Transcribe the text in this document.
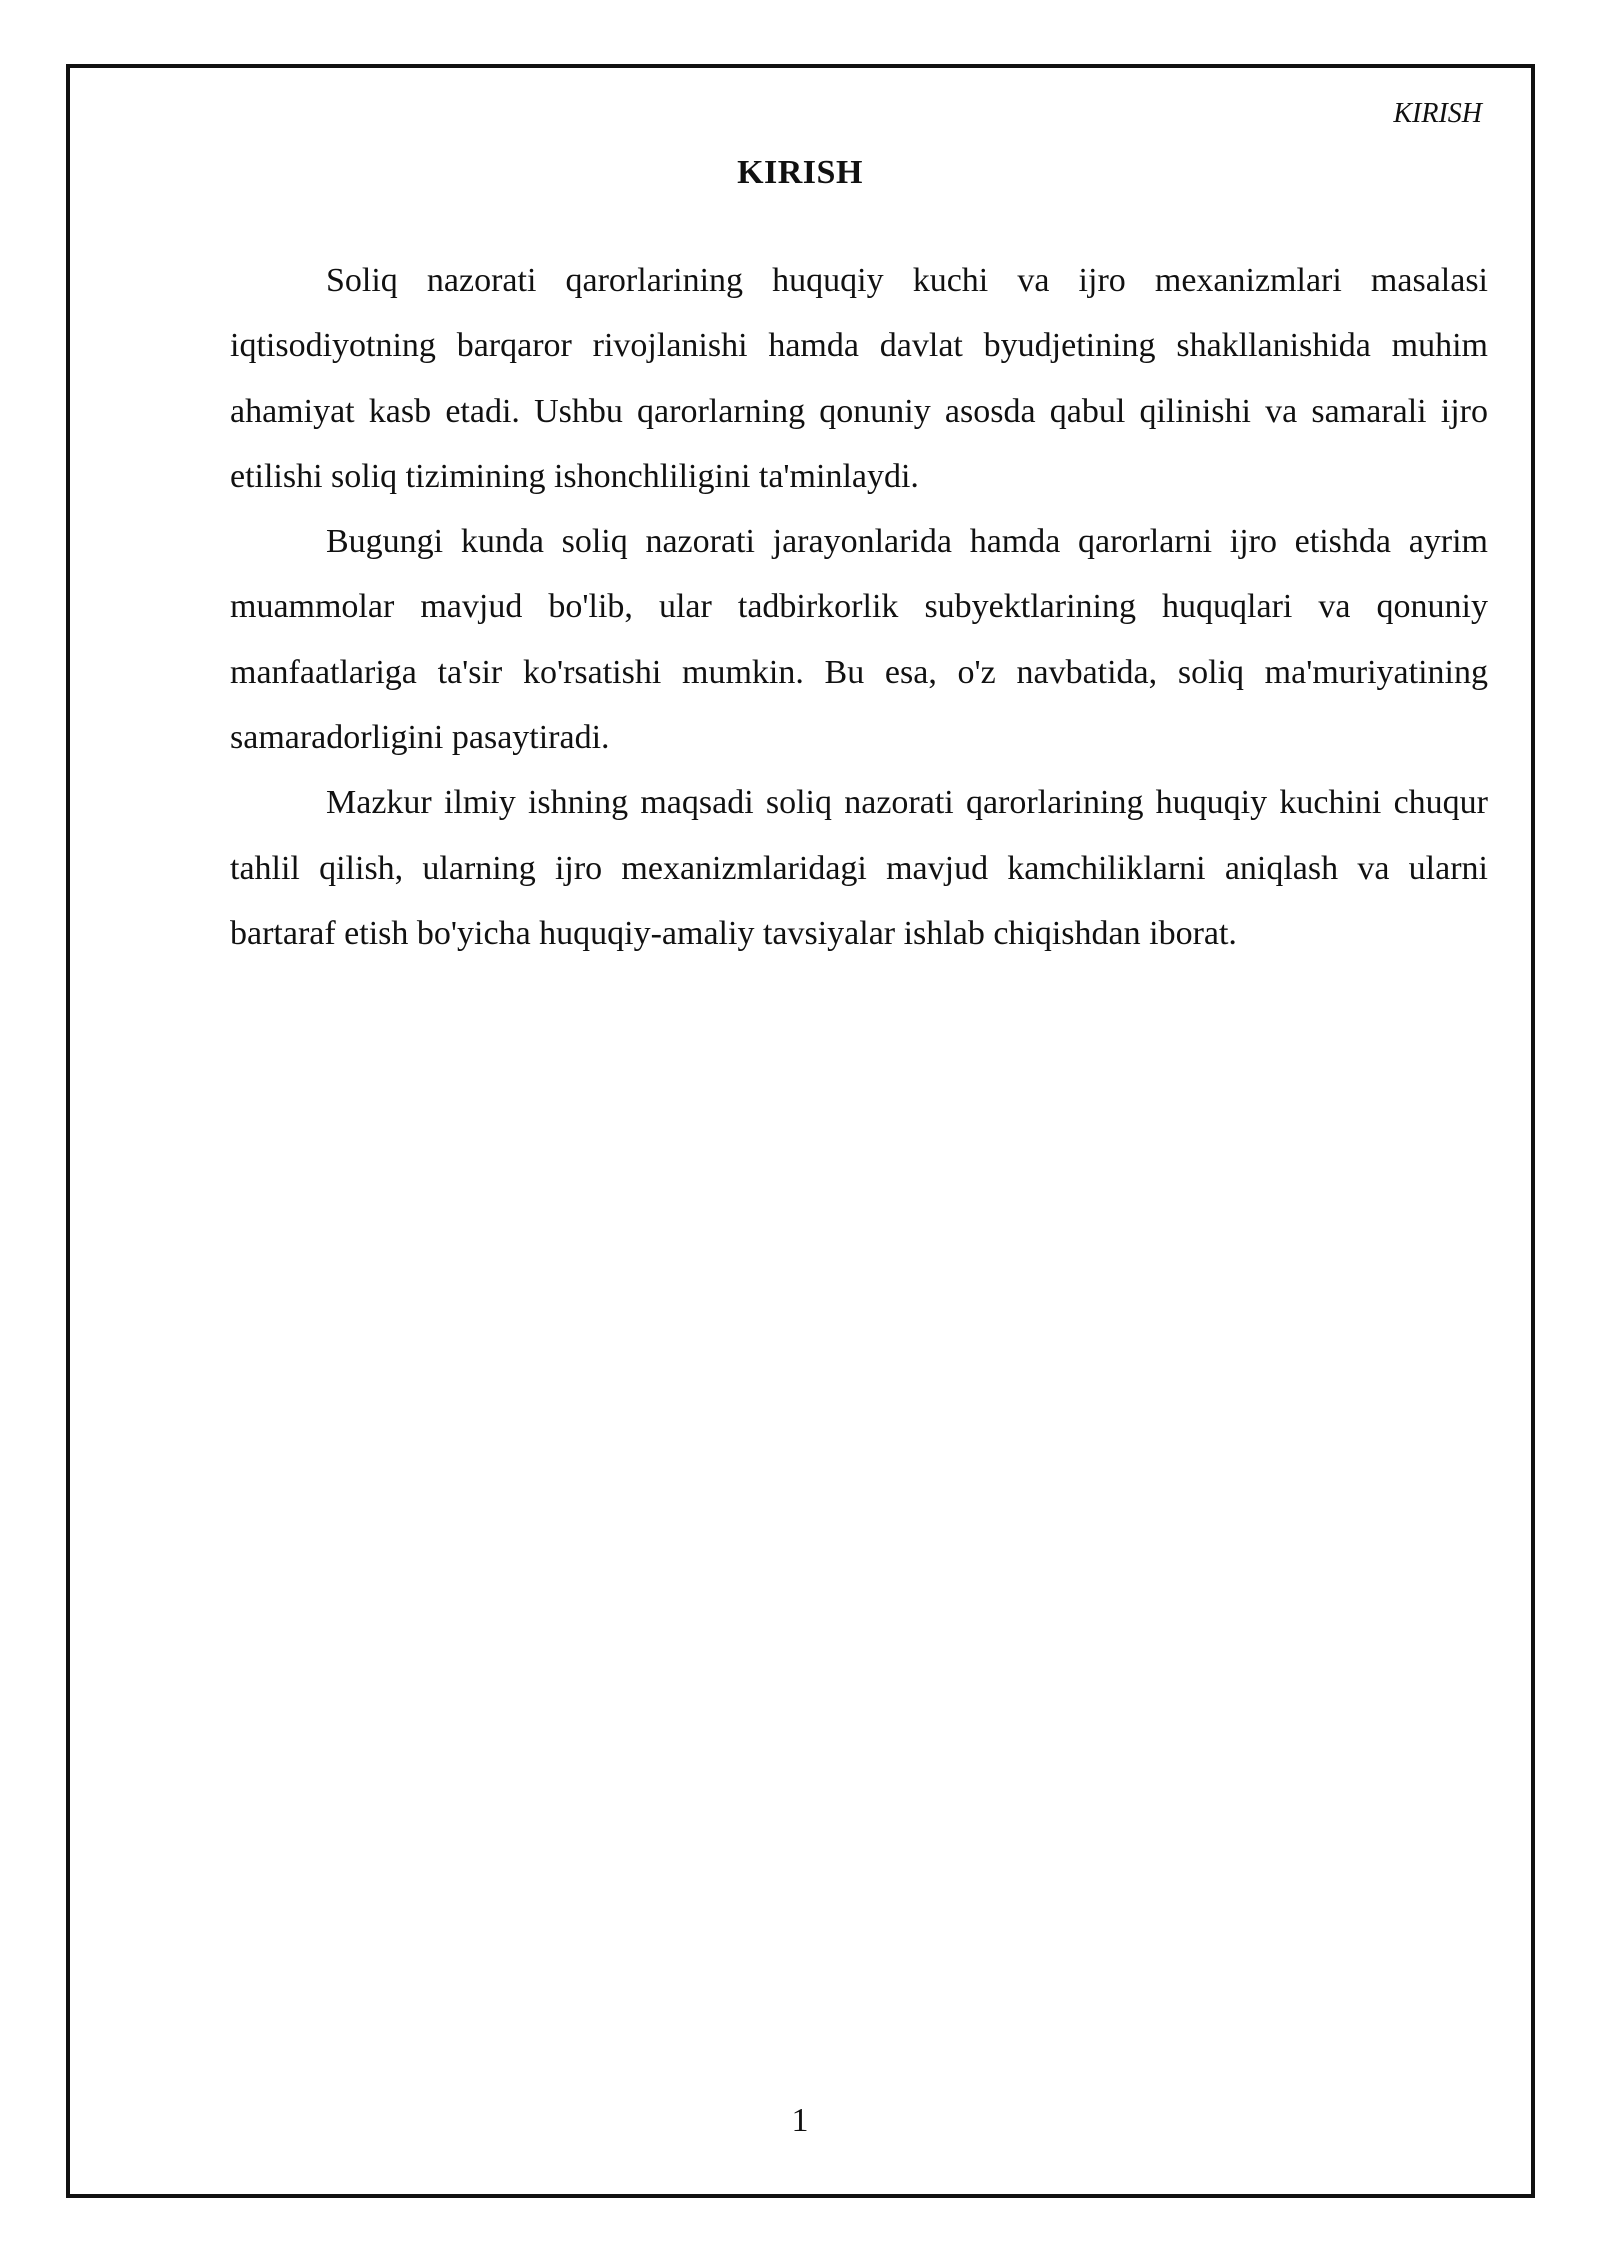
KIRISH
KIRISH

Soliq nazorati qarorlarining huquqiy kuchi va ijro mexanizmlari masalasi iqtisodiyotning barqaror rivojlanishi hamda davlat byudjetining shakllanishida muhim ahamiyat kasb etadi. Ushbu qarorlarning qonuniy asosda qabul qilinishi va samarali ijro etilishi soliq tizimining ishonchliligini ta'minlaydi.

Bugungi kunda soliq nazorati jarayonlarida hamda qarorlarni ijro etishda ayrim muammolar mavjud bo'lib, ular tadbirkorlik subyektlarining huquqlari va qonuniy manfaatlariga ta'sir ko'rsatishi mumkin. Bu esa, o'z navbatida, soliq ma'muriyatining samaradorligini pasaytiradi.

Mazkur ilmiy ishning maqsadi soliq nazorati qarorlarining huquqiy kuchini chuqur tahlil qilish, ularning ijro mexanizmlaridagi mavjud kamchiliklarni aniqlash va ularni bartaraf etish bo'yicha huquqiy-amaliy tavsiyalar ishlab chiqishdan iborat.

1
